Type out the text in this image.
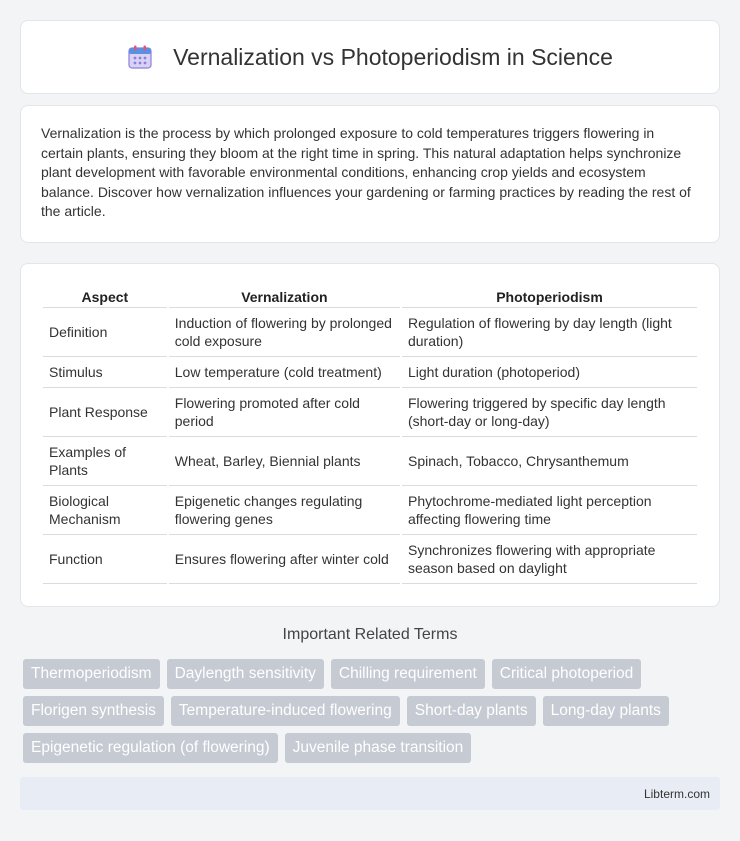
Vernalization vs Photoperiodism in Science

Vernalization is the process by which prolonged exposure to cold temperatures triggers flowering in certain plants, ensuring they bloom at the right time in spring. This natural adaptation helps synchronize plant development with favorable environmental conditions, enhancing crop yields and ecosystem balance. Discover how vernalization influences your gardening or farming practices by reading the rest of the article.

Aspect	Vernalization	Photoperiodism
Definition	Induction of flowering by prolonged cold exposure	Regulation of flowering by day length (light duration)
Stimulus	Low temperature (cold treatment)	Light duration (photoperiod)
Plant Response	Flowering promoted after cold period	Flowering triggered by specific day length (short-day or long-day)
Examples of Plants	Wheat, Barley, Biennial plants	Spinach, Tobacco, Chrysanthemum
Biological Mechanism	Epigenetic changes regulating flowering genes	Phytochrome-mediated light perception affecting flowering time
Function	Ensures flowering after winter cold	Synchronizes flowering with appropriate season based on daylight
Important Related Terms
Thermoperiodism	Daylength sensitivity	Chilling requirement	Critical photoperiod
Florigen synthesis	Temperature-induced flowering	Short-day plants	Long-day plants
Epigenetic regulation (of flowering)	Juvenile phase transition
Libterm.com
